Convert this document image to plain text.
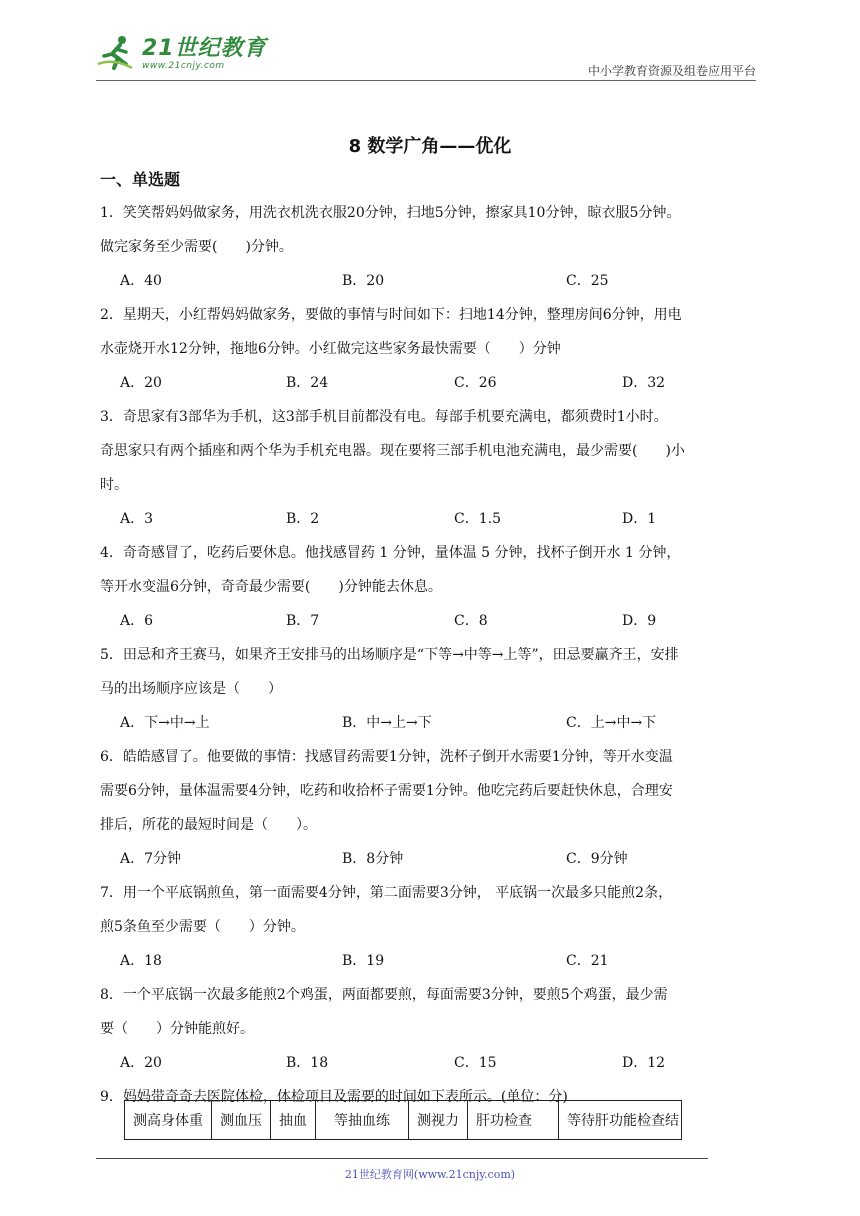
21世纪教育
www.21cnjy.com	中小学教育资源及组卷应用平台
8 数学广角——优化
一、单选题

1．笑笑帮妈妈做家务，用洗衣机洗衣服20分钟，扫地5分钟，擦家具10分钟，晾衣服5分钟。

做完家务至少需要(　　)分钟。

A．40	B．20	C．25

2．星期天，小红帮妈妈做家务，要做的事情与时间如下：扫地14分钟，整理房间6分钟，用电

水壶烧开水12分钟，拖地6分钟。小红做完这些家务最快需要（　　）分钟

A．20	B．24	C．26	D．32

3．奇思家有3部华为手机，这3部手机目前都没有电。每部手机要充满电，都须费时1小时。

奇思家只有两个插座和两个华为手机充电器。现在要将三部手机电池充满电，最少需要(　　)小

时。

A．3	B．2	C．1.5	D．1

4．奇奇感冒了，吃药后要休息。他找感冒药 1 分钟，量体温 5 分钟，找杯子倒开水 1 分钟，

等开水变温6分钟，奇奇最少需要(　　)分钟能去休息。

A．6	B．7	C．8	D．9

5．田忌和齐王赛马，如果齐王安排马的出场顺序是“下等→中等→上等”，田忌要赢齐王，安排

马的出场顺序应该是（　　）

A．下→中→上	B．中→上→下	C．上→中→下

6．皓皓感冒了。他要做的事情：找感冒药需要1分钟，洗杯子倒开水需要1分钟，等开水变温

需要6分钟，量体温需要4分钟，吃药和收拾杯子需要1分钟。他吃完药后要赶快休息，合理安

排后，所花的最短时间是（　　）。

A．7分钟	B．8分钟	C．9分钟

7．用一个平底锅煎鱼，第一面需要4分钟，第二面需要3分钟， 平底锅一次最多只能煎2条，

煎5条鱼至少需要（　　）分钟。

A．18	B．19	C．21

8．一个平底锅一次最多能煎2个鸡蛋，两面都要煎，每面需要3分钟，要煎5个鸡蛋，最少需

要（　　）分钟能煎好。

A．20	B．18	C．15	D．12

9．妈妈带奇奇去医院体检，体检项目及需要的时间如下表所示。(单位：分)

测高身体重	测血压	抽血	等抽血练	测视力	肝功检查	等待肝功能检查结
21世纪教育网(www.21cnjy.com)
